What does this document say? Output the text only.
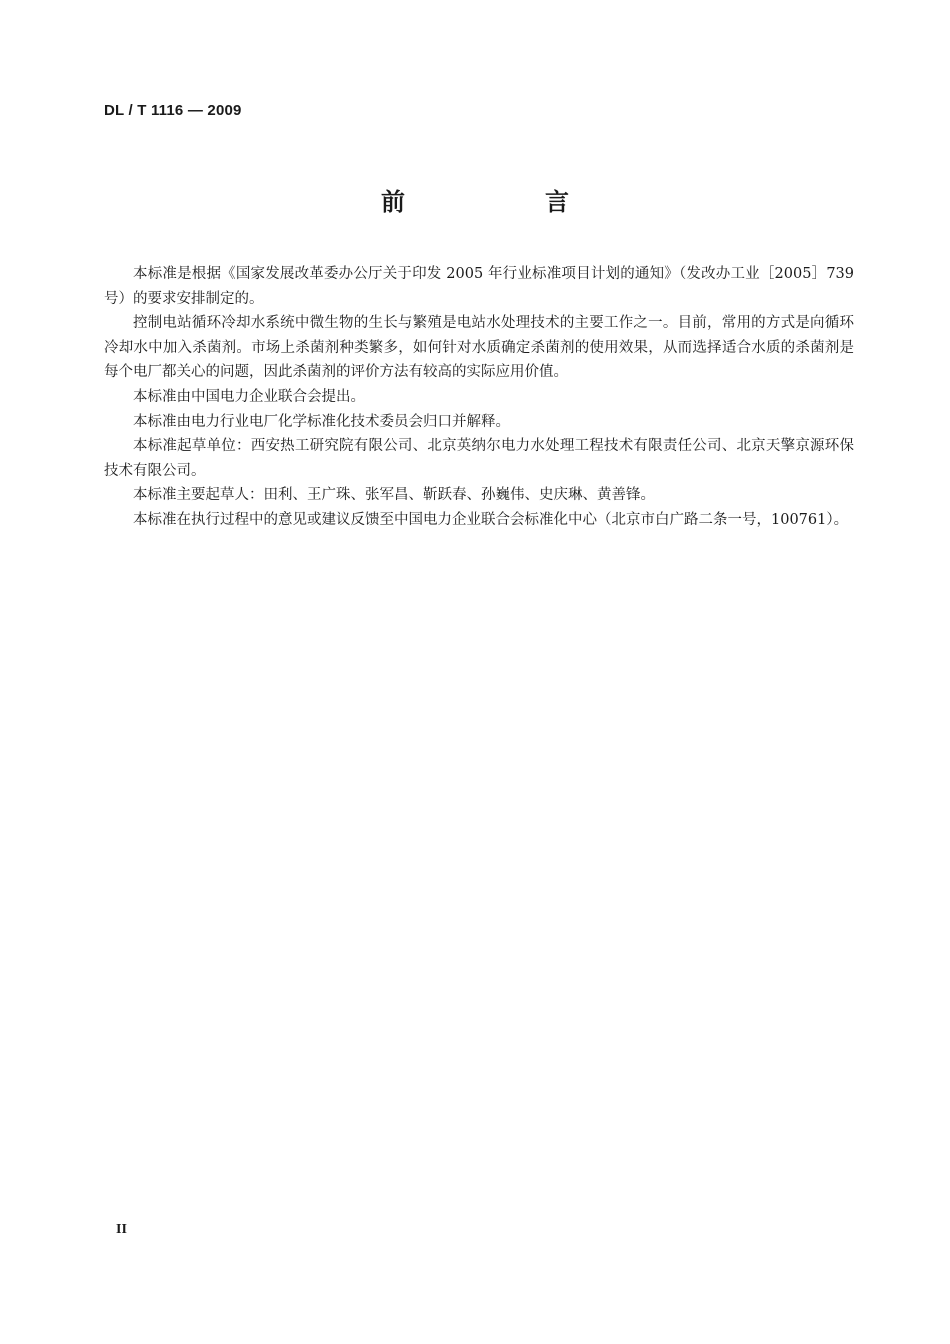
DL / T 1116 — 2009
前　言

本标准是根据《国家发展改革委办公厅关于印发 2005 年行业标准项目计划的通知》（发改办工业［2005］739 号）的要求安排制定的。

控制电站循环冷却水系统中微生物的生长与繁殖是电站水处理技术的主要工作之一。目前，常用的方式是向循环冷却水中加入杀菌剂。市场上杀菌剂种类繁多，如何针对水质确定杀菌剂的使用效果，从而选择适合水质的杀菌剂是每个电厂都关心的问题，因此杀菌剂的评价方法有较高的实际应用价值。

本标准由中国电力企业联合会提出。

本标准由电力行业电厂化学标准化技术委员会归口并解释。

本标准起草单位：西安热工研究院有限公司、北京英纳尔电力水处理工程技术有限责任公司、北京天擎京源环保技术有限公司。

本标准主要起草人：田利、王广珠、张军昌、靳跃春、孙巍伟、史庆琳、黄善锋。

本标准在执行过程中的意见或建议反馈至中国电力企业联合会标准化中心（北京市白广路二条一号，100761）。

II
